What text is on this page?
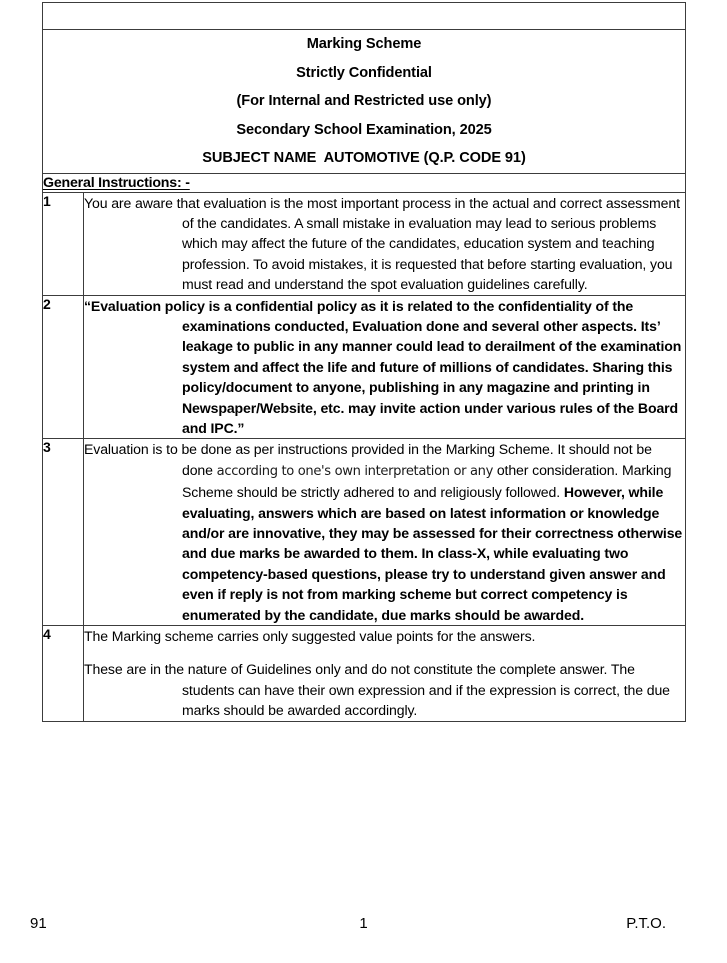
Marking Scheme
Strictly Confidential
(For Internal and Restricted use only)
Secondary School Examination, 2025
SUBJECT NAME  AUTOMOTIVE (Q.P. CODE 91)	

General Instructions: -	
1	You are aware that evaluation is the most important process in the actual and correct assessment of the candidates. A small mistake in evaluation may lead to serious problems which may affect the future of the candidates, education system and teaching profession. To avoid mistakes, it is requested that before starting evaluation, you must read and understand the spot evaluation guidelines carefully.

2	“Evaluation policy is a confidential policy as it is related to the confidentiality of the examinations conducted, Evaluation done and several other aspects. Its’ leakage to public in any manner could lead to derailment of the examination system and affect the life and future of millions of candidates. Sharing this policy/document to anyone, publishing in any magazine and printing in Newspaper/Website, etc. may invite action under various rules of the Board and IPC.”

3	Evaluation is to be done as per instructions provided in the Marking Scheme. It should not be done according to one's own interpretation or any other consideration. Marking Scheme should be strictly adhered to and religiously followed. However, while evaluating, answers which are based on latest information or knowledge and/or are innovative, they may be assessed for their correctness otherwise and due marks be awarded to them. In class-X, while evaluating two competency-based questions, please try to understand given answer and even if reply is not from marking scheme but correct competency is enumerated by the candidate, due marks should be awarded.

4	The Marking scheme carries only suggested value points for the answers.

These are in the nature of Guidelines only and do not constitute the complete answer. The students can have their own expression and if the expression is correct, the due marks should be awarded accordingly.

91	1	P.T.O.
